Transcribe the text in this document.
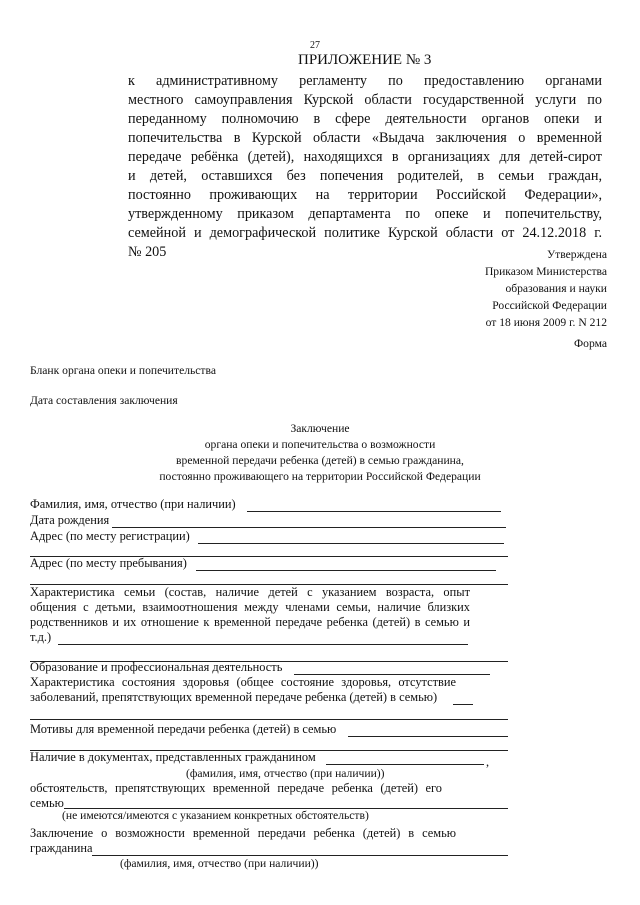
27
ПРИЛОЖЕНИЕ № 3
к административному регламенту по предоставлению органами
местного самоуправления Курской области государственной услуги по
переданному полномочию в сфере деятельности органов опеки и
попечительства в Курской области «Выдача заключения о временной
передаче ребёнка (детей), находящихся в организациях для детей-сирот
и детей, оставшихся без попечения родителей, в семьи граждан,
постоянно проживающих на территории Российской Федерации»,
утвержденному приказом департамента по опеке и попечительству,
семейной и демографической политике Курской области от 24.12.2018 г.
№ 205	Утверждена
Приказом Министерства
образования и науки
Российской Федерации
от 18 июня 2009 г. N 212
Форма
Бланк органа опеки и попечительства
Дата составления заключения
Заключение
органа опеки и попечительства о возможности
временной передачи ребенка (детей) в семью гражданина,
постоянно проживающего на территории Российской Федерации
Фамилия, имя, отчество (при наличии)
Дата рождения
Адрес (по месту регистрации)
Адрес (по месту пребывания)
Характеристика семьи (состав, наличие детей с указанием возраста, опыт
общения с детьми, взаимоотношения между членами семьи, наличие близких
родственников и их отношение к временной передаче ребенка (детей) в семью и
т.д.)
Образование и профессиональная деятельность
Характеристика состояния здоровья (общее состояние здоровья, отсутствие
заболеваний, препятствующих временной передаче ребенка (детей) в семью)
Мотивы для временной передачи ребенка (детей) в семью
Наличие в документах, представленных гражданином	,
(фамилия, имя, отчество (при наличии))
обстоятельств, препятствующих временной передаче ребенка (детей) его
семью
(не имеются/имеются с указанием конкретных обстоятельств)
Заключение о возможности временной передачи ребенка (детей) в семью
гражданина
(фамилия, имя, отчество (при наличии))
